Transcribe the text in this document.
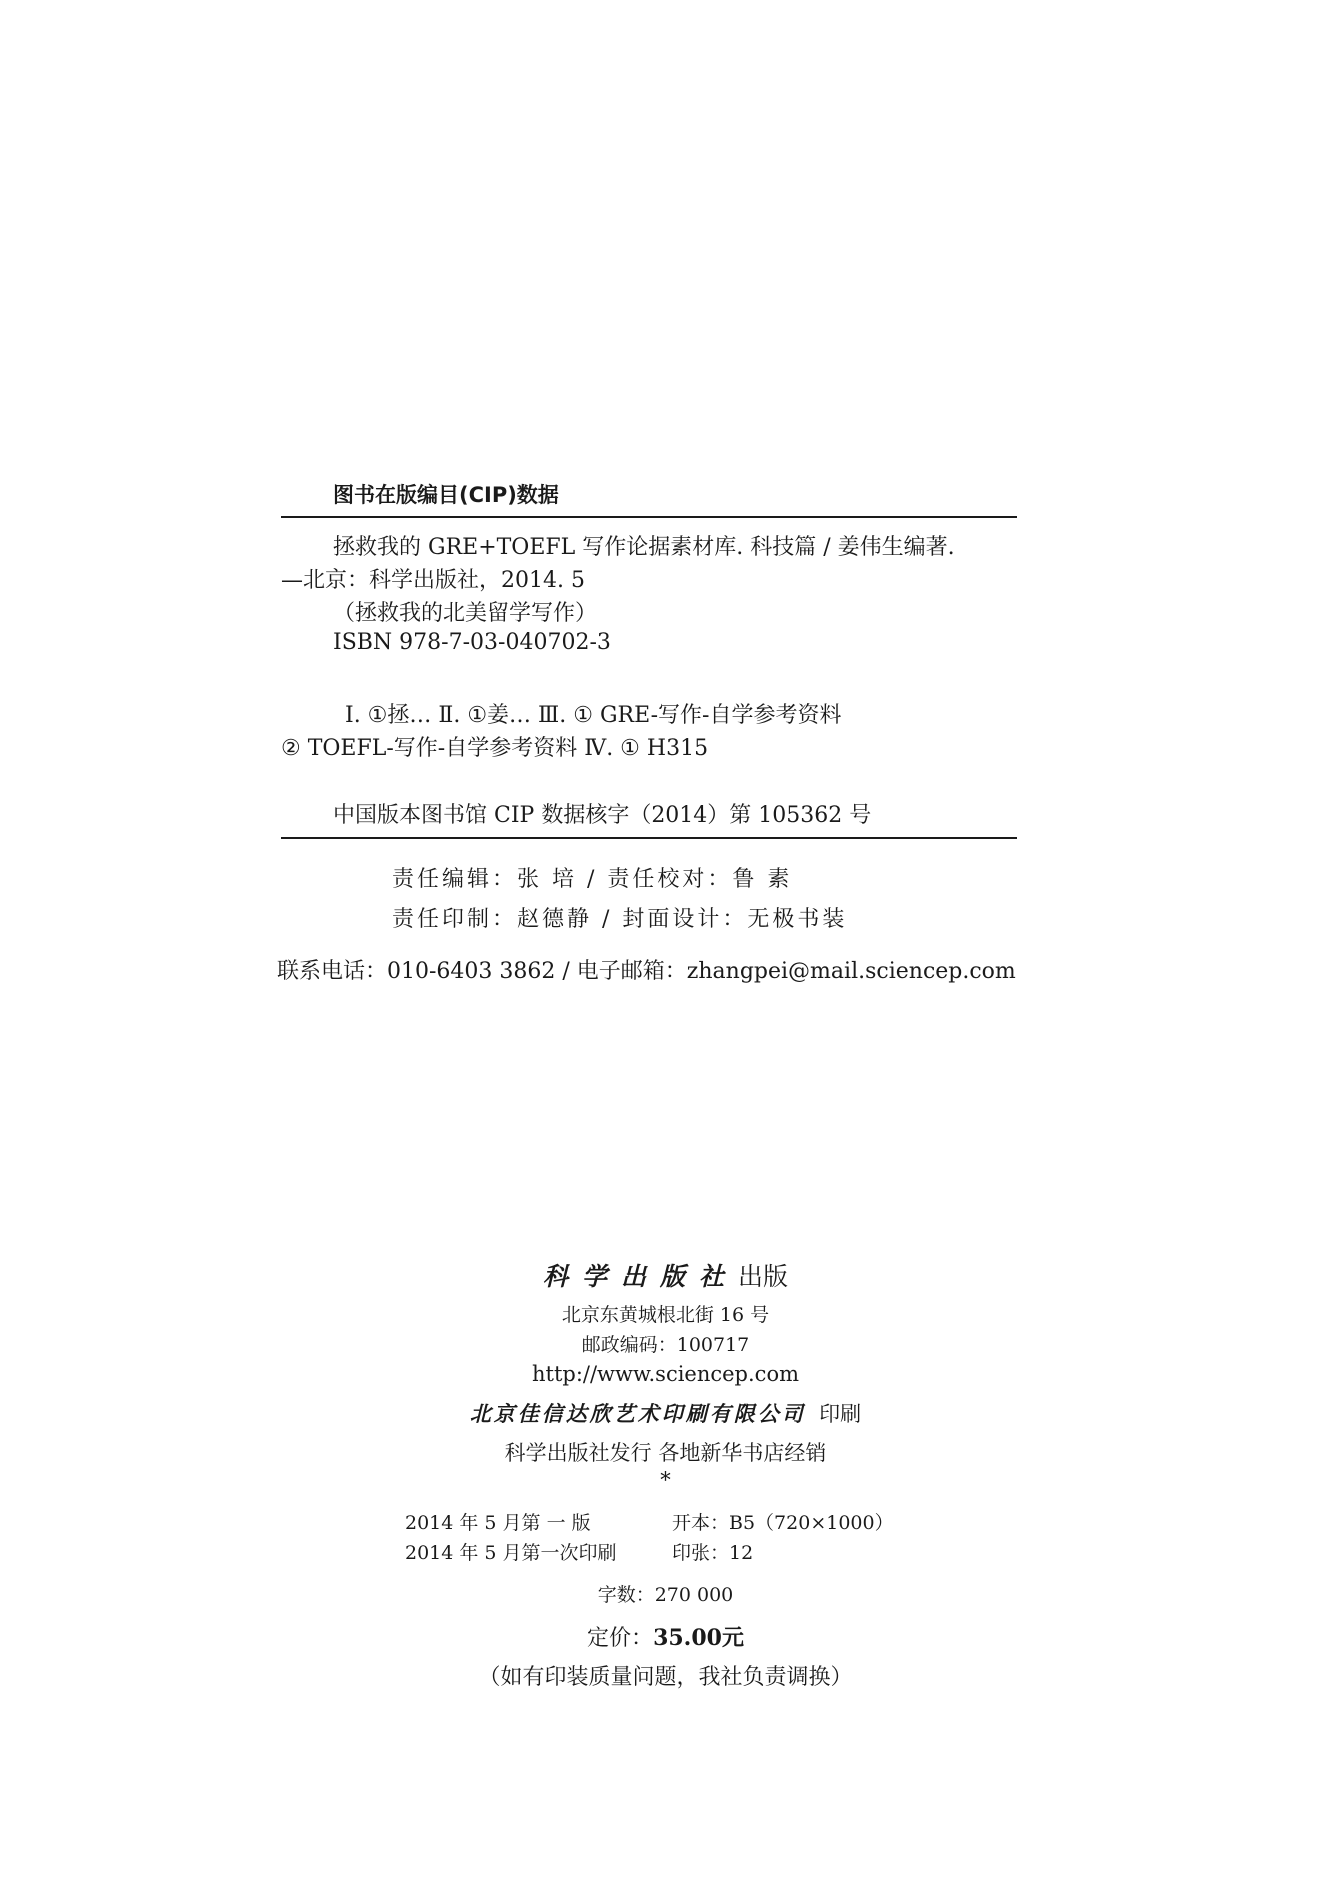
图书在版编目(CIP)数据
拯救我的 GRE+TOEFL 写作论据素材库. 科技篇 / 姜伟生编著.
—北京：科学出版社，2014. 5
（拯救我的北美留学写作）
ISBN 978-7-03-040702-3
Ⅰ. ①拯… Ⅱ. ①姜… Ⅲ. ① GRE-写作-自学参考资料
② TOEFL-写作-自学参考资料 Ⅳ. ① H315
中国版本图书馆 CIP 数据核字（2014）第 105362 号
责任编辑：张 培 / 责任校对：鲁 素
责任印制：赵德静 / 封面设计：无极书装
联系电话：010-6403 3862 / 电子邮箱：zhangpei@mail.sciencep.com
科学出版社出版
北京东黄城根北街 16 号
邮政编码：100717
http://www.sciencep.com
北京佳信达欣艺术印刷有限公司 印刷
科学出版社发行 各地新华书店经销
*
2014 年 5 月第 一 版	开本：B5（720×1000）
2014 年 5 月第一次印刷	印张：12
字数：270 000
定价：35.00元
（如有印装质量问题，我社负责调换）
